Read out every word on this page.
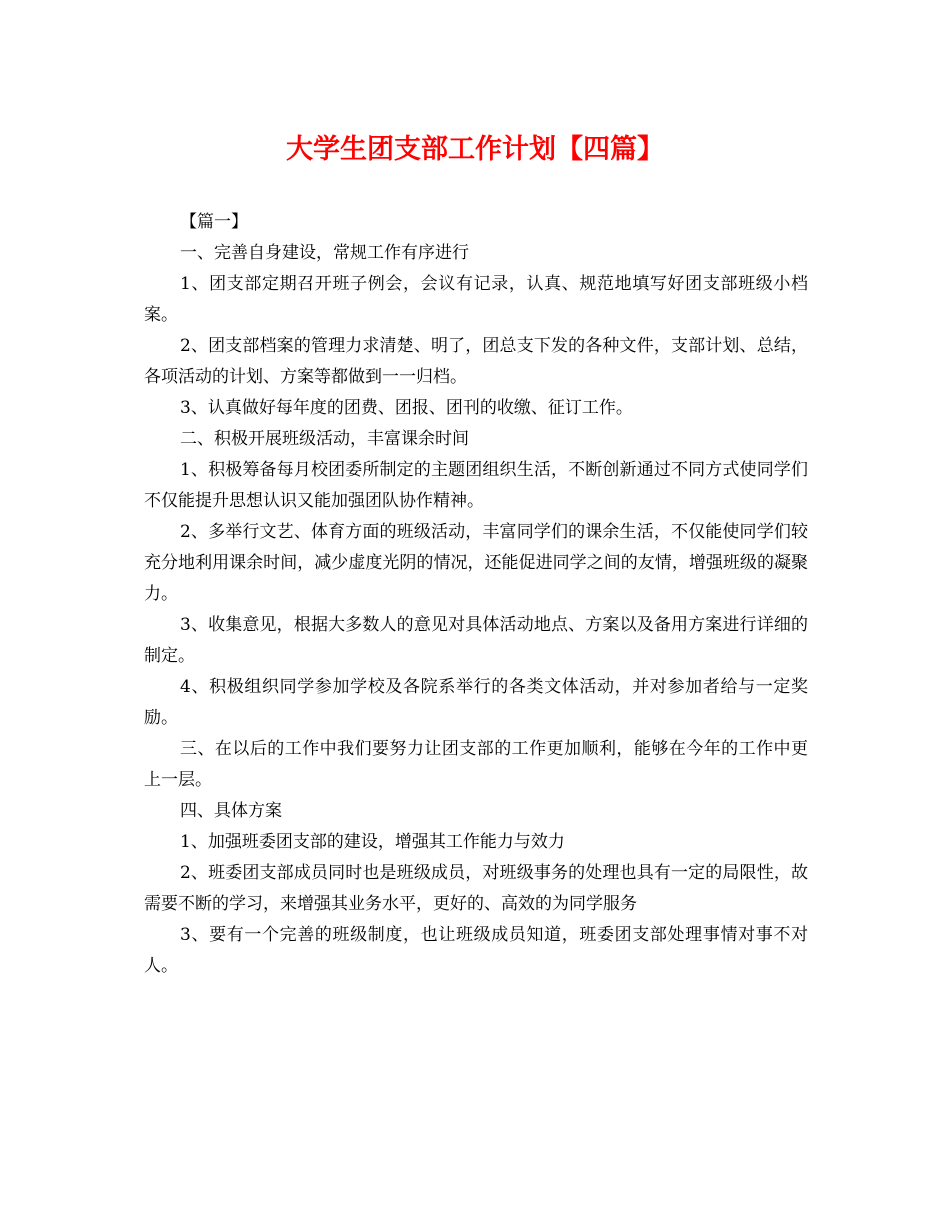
大学生团支部工作计划【四篇】

【篇一】

一、完善自身建设，常规工作有序进行

1、团支部定期召开班子例会，会议有记录，认真、规范地填写好团支部班级小档案。

2、团支部档案的管理力求清楚、明了，团总支下发的各种文件，支部计划、总结，各项活动的计划、方案等都做到一一归档。

3、认真做好每年度的团费、团报、团刊的收缴、征订工作。

二、积极开展班级活动，丰富课余时间

1、积极筹备每月校团委所制定的主题团组织生活，不断创新通过不同方式使同学们不仅能提升思想认识又能加强团队协作精神。

2、多举行文艺、体育方面的班级活动，丰富同学们的课余生活，不仅能使同学们较充分地利用课余时间，减少虚度光阴的情况，还能促进同学之间的友情，增强班级的凝聚力。

3、收集意见，根据大多数人的意见对具体活动地点、方案以及备用方案进行详细的制定。

4、积极组织同学参加学校及各院系举行的各类文体活动，并对参加者给与一定奖励。

三、在以后的工作中我们要努力让团支部的工作更加顺利，能够在今年的工作中更上一层。

四、具体方案

1、加强班委团支部的建设，增强其工作能力与效力

2、班委团支部成员同时也是班级成员，对班级事务的处理也具有一定的局限性，故需要不断的学习，来增强其业务水平，更好的、高效的为同学服务

3、要有一个完善的班级制度，也让班级成员知道，班委团支部处理事情对事不对人。
